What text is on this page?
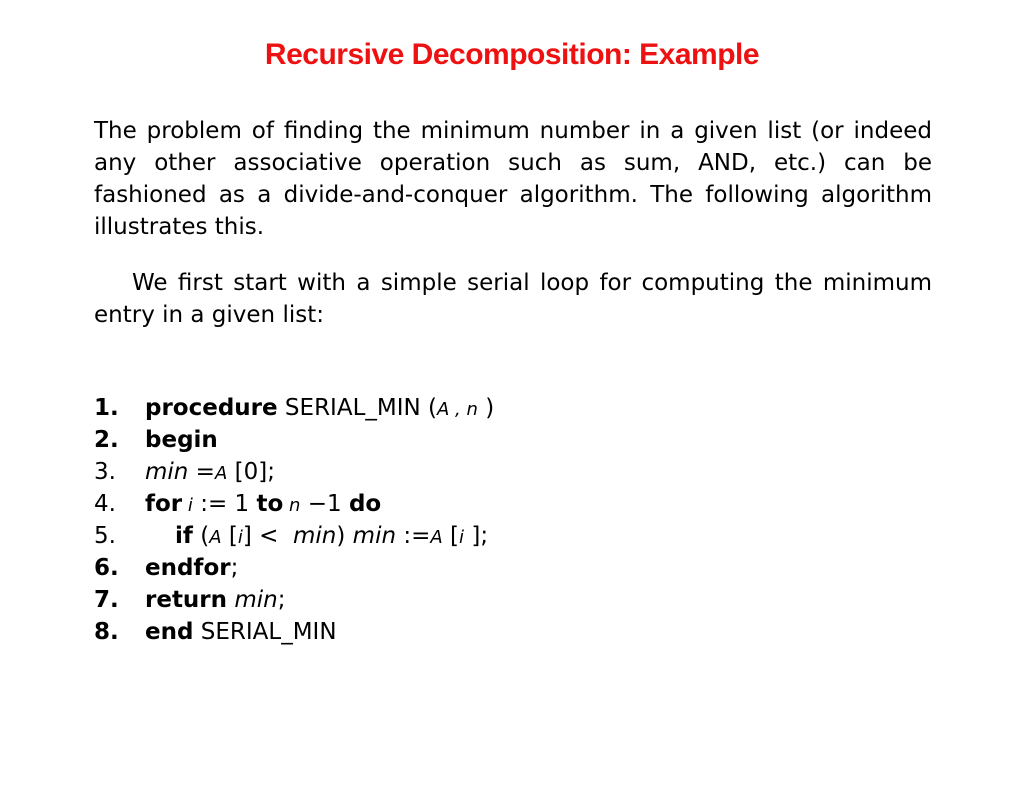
Recursive Decomposition: Example
The problem of finding the minimum number in a given list (or indeed any other associative operation such as sum, AND, etc.) can be fashioned as a divide-and-conquer algorithm. The following algorithm illustrates this.
We first start with a simple serial loop for computing the minimum entry in a given list:
1.	procedure SERIAL_MIN (A , n )
2.	begin
3.	min =A [0];
4.	for i := 1 to n −1 do
5.	if (A [i] <  min) min :=A [i ];
6.	endfor;
7.	return min;
8.	end SERIAL_MIN
